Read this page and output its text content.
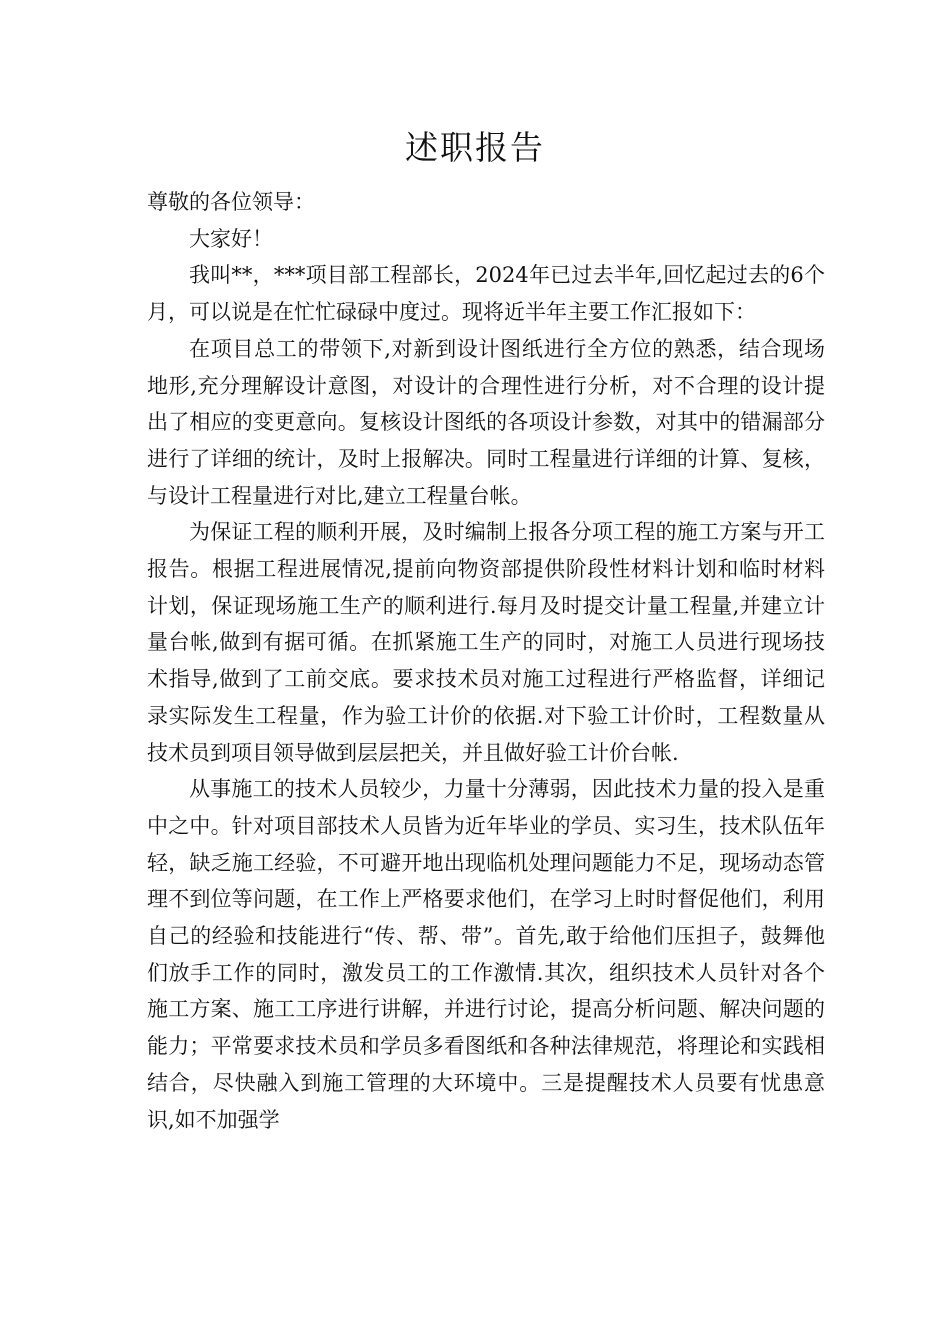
述职报告

尊敬的各位领导：

大家好！

我叫**，***项目部工程部长，2024年已过去半年,回忆起过去的6个月，可以说是在忙忙碌碌中度过。现将近半年主要工作汇报如下：

在项目总工的带领下,对新到设计图纸进行全方位的熟悉，结合现场地形,充分理解设计意图，对设计的合理性进行分析，对不合理的设计提出了相应的变更意向。复核设计图纸的各项设计参数，对其中的错漏部分进行了详细的统计，及时上报解决。同时工程量进行详细的计算、复核，与设计工程量进行对比,建立工程量台帐。

为保证工程的顺利开展，及时编制上报各分项工程的施工方案与开工报告。根据工程进展情况,提前向物资部提供阶段性材料计划和临时材料计划，保证现场施工生产的顺利进行.每月及时提交计量工程量,并建立计量台帐,做到有据可循。在抓紧施工生产的同时，对施工人员进行现场技术指导,做到了工前交底。要求技术员对施工过程进行严格监督，详细记录实际发生工程量，作为验工计价的依据.对下验工计价时，工程数量从技术员到项目领导做到层层把关，并且做好验工计价台帐.

从事施工的技术人员较少，力量十分薄弱，因此技术力量的投入是重中之中。针对项目部技术人员皆为近年毕业的学员、实习生，技术队伍年轻，缺乏施工经验，不可避开地出现临机处理问题能力不足，现场动态管理不到位等问题，在工作上严格要求他们，在学习上时时督促他们，利用自己的经验和技能进行“传、帮、带”。首先,敢于给他们压担子，鼓舞他们放手工作的同时，激发员工的工作激情.其次，组织技术人员针对各个施工方案、施工工序进行讲解，并进行讨论，提高分析问题、解决问题的能力；平常要求技术员和学员多看图纸和各种法律规范，将理论和实践相结合，尽快融入到施工管理的大环境中。三是提醒技术人员要有忧患意识,如不加强学
